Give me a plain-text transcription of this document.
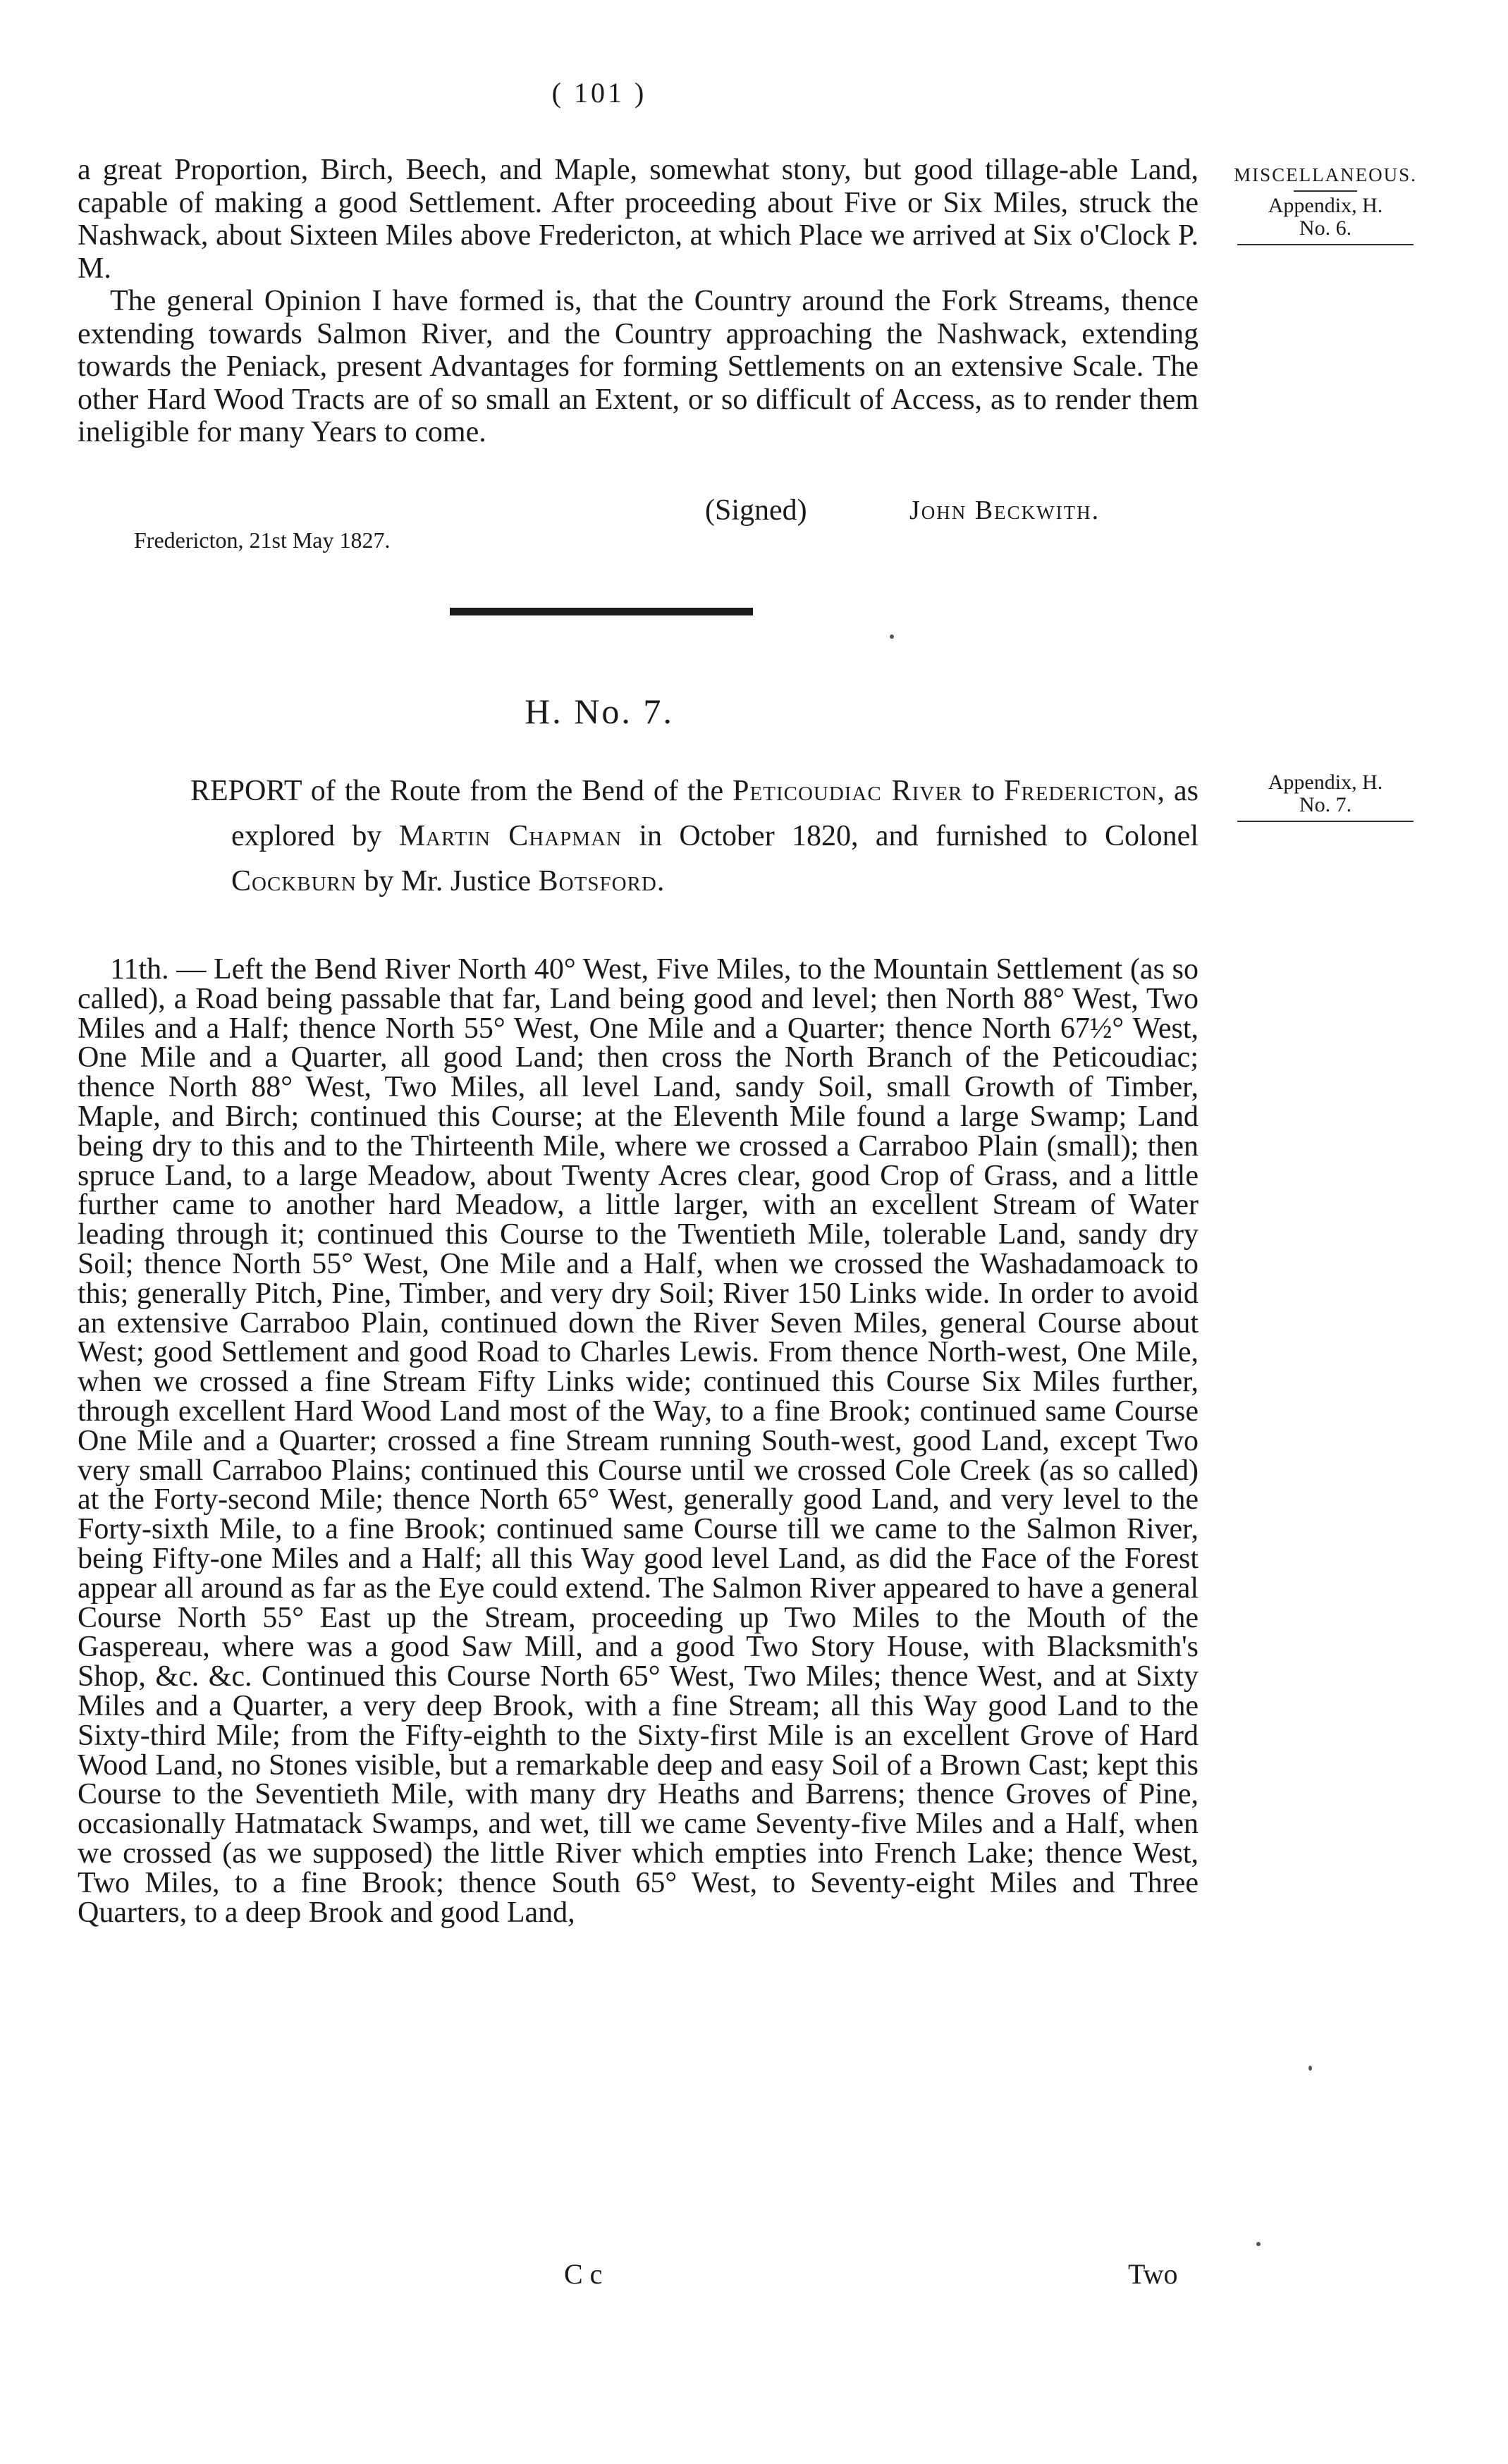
( 101 )
MISCELLANEOUS.
Appendix, H.
No. 6.

a great Proportion, Birch, Beech, and Maple, somewhat stony, but good tillage-able Land, capable of making a good Settlement. After proceeding about Five or Six Miles, struck the Nashwack, about Sixteen Miles above Fredericton, at which Place we arrived at Six o'Clock P. M.

The general Opinion I have formed is, that the Country around the Fork Streams, thence extending towards Salmon River, and the Country approaching the Nashwack, extending towards the Peniack, present Advantages for forming Settlements on an extensive Scale. The other Hard Wood Tracts are of so small an Extent, or so difficult of Access, as to render them ineligible for many Years to come.

(Signed)	John Beckwith.
Fredericton, 21st May 1827.
H. No. 7.
Appendix, H.
No. 7.

REPORT of the Route from the Bend of the Peticoudiac River to Fredericton, as explored by Martin Chapman in October 1820, and furnished to Colonel Cockburn by Mr. Justice Botsford.

11th. — Left the Bend River North 40° West, Five Miles, to the Mountain Settlement (as so called), a Road being passable that far, Land being good and level; then North 88° West, Two Miles and a Half; thence North 55° West, One Mile and a Quarter; thence North 67½° West, One Mile and a Quarter, all good Land; then cross the North Branch of the Peticoudiac; thence North 88° West, Two Miles, all level Land, sandy Soil, small Growth of Timber, Maple, and Birch; continued this Course; at the Eleventh Mile found a large Swamp; Land being dry to this and to the Thirteenth Mile, where we crossed a Carraboo Plain (small); then spruce Land, to a large Meadow, about Twenty Acres clear, good Crop of Grass, and a little further came to another hard Meadow, a little larger, with an excellent Stream of Water leading through it; continued this Course to the Twentieth Mile, tolerable Land, sandy dry Soil; thence North 55° West, One Mile and a Half, when we crossed the Washadamoack to this; generally Pitch, Pine, Timber, and very dry Soil; River 150 Links wide. In order to avoid an extensive Carraboo Plain, continued down the River Seven Miles, general Course about West; good Settlement and good Road to Charles Lewis. From thence North-west, One Mile, when we crossed a fine Stream Fifty Links wide; continued this Course Six Miles further, through excellent Hard Wood Land most of the Way, to a fine Brook; continued same Course One Mile and a Quarter; crossed a fine Stream running South-west, good Land, except Two very small Carraboo Plains; continued this Course until we crossed Cole Creek (as so called) at the Forty-second Mile; thence North 65° West, generally good Land, and very level to the Forty-sixth Mile, to a fine Brook; continued same Course till we came to the Salmon River, being Fifty-one Miles and a Half; all this Way good level Land, as did the Face of the Forest appear all around as far as the Eye could extend. The Salmon River appeared to have a general Course North 55° East up the Stream, proceeding up Two Miles to the Mouth of the Gaspereau, where was a good Saw Mill, and a good Two Story House, with Blacksmith's Shop, &c. &c. Continued this Course North 65° West, Two Miles; thence West, and at Sixty Miles and a Quarter, a very deep Brook, with a fine Stream; all this Way good Land to the Sixty-third Mile; from the Fifty-eighth to the Sixty-first Mile is an excellent Grove of Hard Wood Land, no Stones visible, but a remarkable deep and easy Soil of a Brown Cast; kept this Course to the Seventieth Mile, with many dry Heaths and Barrens; thence Groves of Pine, occasionally Hatmatack Swamps, and wet, till we came Seventy-five Miles and a Half, when we crossed (as we supposed) the little River which empties into French Lake; thence West, Two Miles, to a fine Brook; thence South 65° West, to Seventy-eight Miles and Three Quarters, to a deep Brook and good Land,

C c	Two
